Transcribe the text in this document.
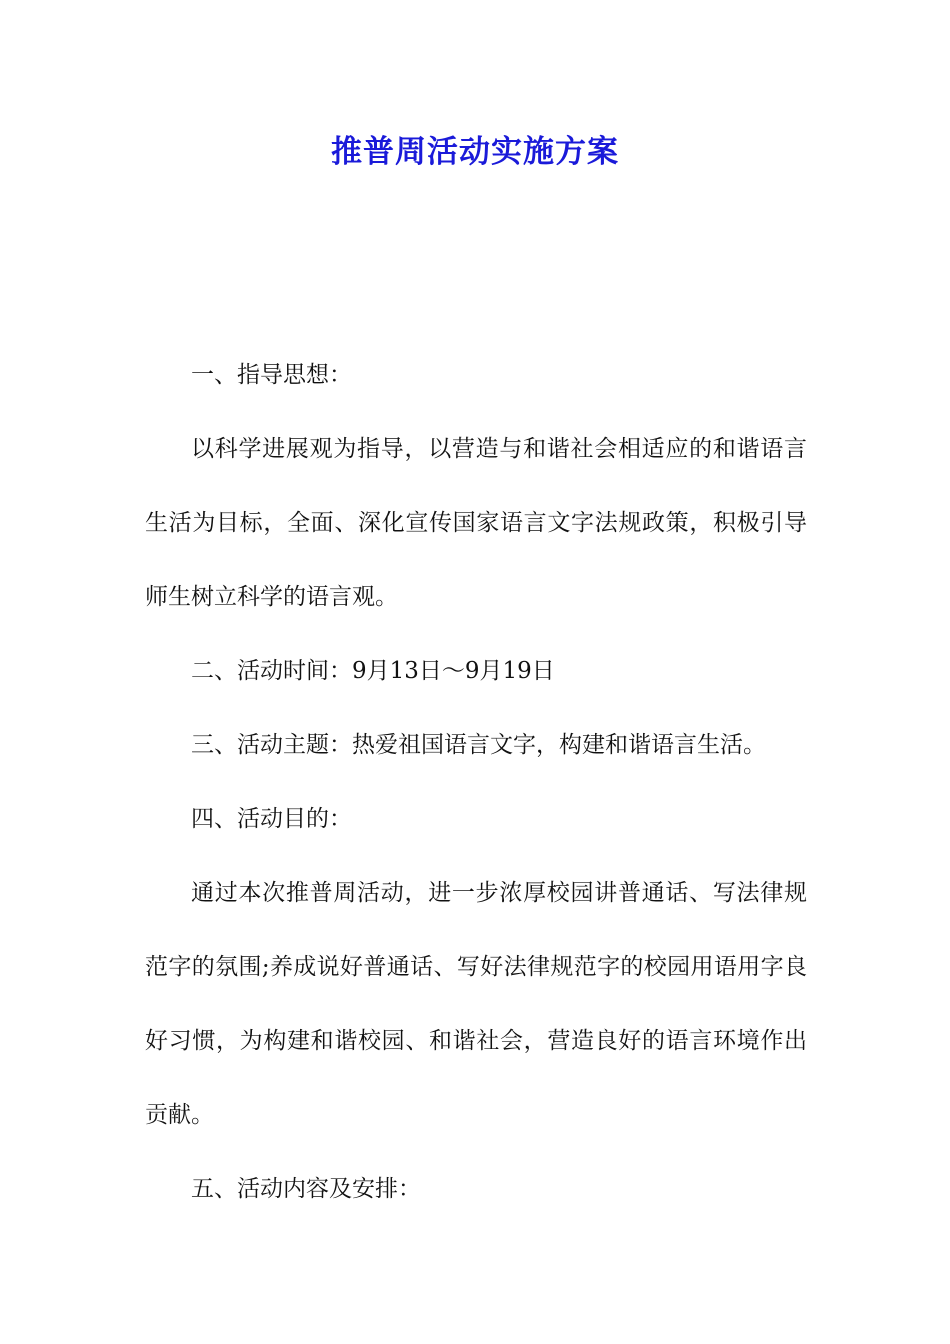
推普周活动实施方案

一、指导思想：

以科学进展观为指导，以营造与和谐社会相适应的和谐语言生活为目标，全面、深化宣传国家语言文字法规政策，积极引导师生树立科学的语言观。

二、活动时间：9月13日～9月19日

三、活动主题：热爱祖国语言文字，构建和谐语言生活。

四、活动目的：

通过本次推普周活动，进一步浓厚校园讲普通话、写法律规范字的氛围;养成说好普通话、写好法律规范字的校园用语用字良好习惯，为构建和谐校园、和谐社会，营造良好的语言环境作出贡献。

五、活动内容及安排：
